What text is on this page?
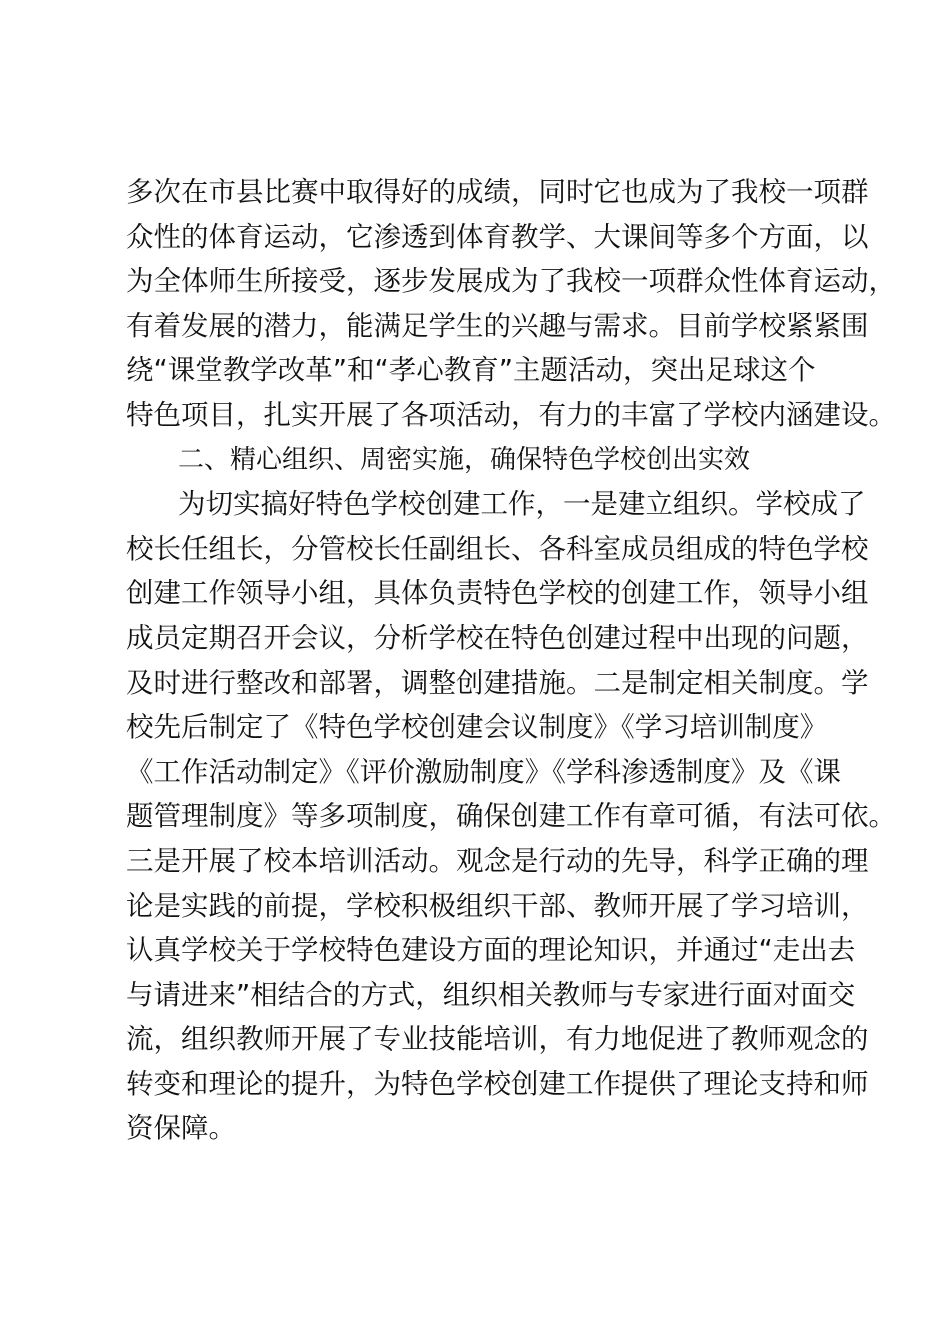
多次在市县比赛中取得好的成绩，同时它也成为了我校一项群
众性的体育运动，它渗透到体育教学、大课间等多个方面，以
为全体师生所接受，逐步发展成为了我校一项群众性体育运动，
有着发展的潜力，能满足学生的兴趣与需求。目前学校紧紧围
绕“课堂教学改革”和“孝心教育”主题活动，突出足球这个
特色项目，扎实开展了各项活动，有力的丰富了学校内涵建设。
二、精心组织、周密实施，确保特色学校创出实效
为切实搞好特色学校创建工作，一是建立组织。学校成了
校长任组长，分管校长任副组长、各科室成员组成的特色学校
创建工作领导小组，具体负责特色学校的创建工作，领导小组
成员定期召开会议，分析学校在特色创建过程中出现的问题，
及时进行整改和部署，调整创建措施。二是制定相关制度。学
校先后制定了《特色学校创建会议制度》《学习培训制度》
《工作活动制定》《评价激励制度》《学科渗透制度》及《课
题管理制度》等多项制度，确保创建工作有章可循，有法可依。
三是开展了校本培训活动。观念是行动的先导，科学正确的理
论是实践的前提，学校积极组织干部、教师开展了学习培训，
认真学校关于学校特色建设方面的理论知识，并通过“走出去
与请进来”相结合的方式，组织相关教师与专家进行面对面交
流，组织教师开展了专业技能培训，有力地促进了教师观念的
转变和理论的提升，为特色学校创建工作提供了理论支持和师
资保障。
